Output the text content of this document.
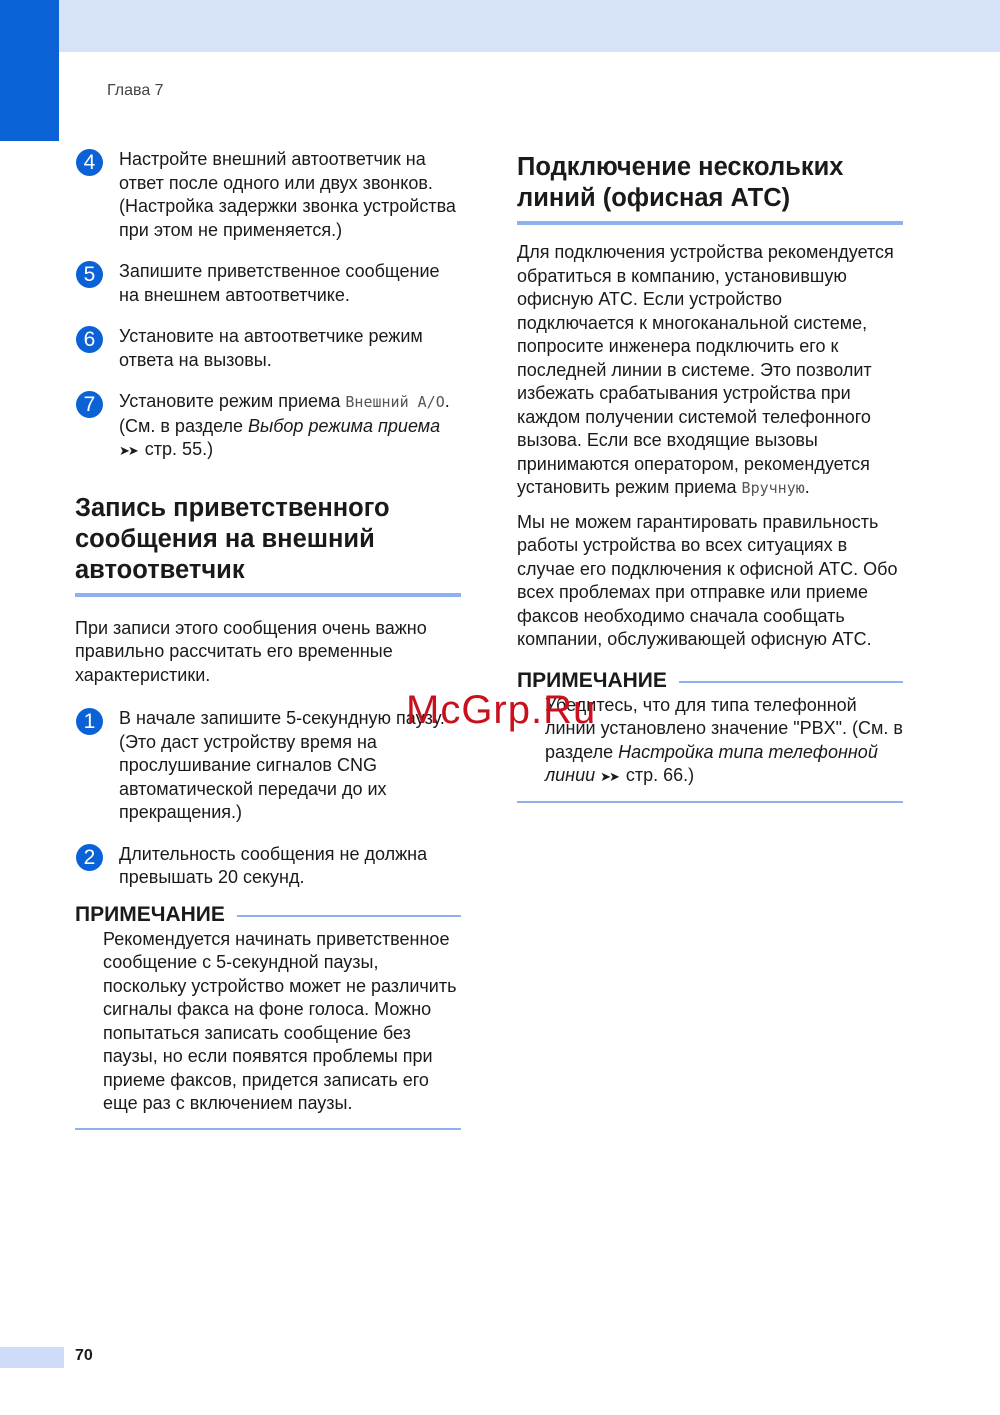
Глава 7
4	Настройте внешний автоответчик на ответ после одного или двух звонков. (Настройка задержки звонка устройства при этом не применяется.)
5	Запишите приветственное сообщение на внешнем автоответчике.
6	Установите на автоответчике режим ответа на вызовы.
7	Установите режим приема Внешний A/O. (См. в разделе Выбор режима приема ➤➤ стр. 55.)
Запись приветственного сообщения на внешний автоответчик
При записи этого сообщения очень важно правильно рассчитать его временные характеристики.
1	В начале запишите 5-секундную паузу. (Это даст устройству время на прослушивание сигналов CNG автоматической передачи до их прекращения.)
2	Длительность сообщения не должна превышать 20 секунд.
ПРИМЕЧАНИЕ
Рекомендуется начинать приветственное сообщение с 5-секундной паузы, поскольку устройство может не различить сигналы факса на фоне голоса. Можно попытаться записать сообщение без паузы, но если появятся проблемы при приеме факсов, придется записать его еще раз с включением паузы.
Подключение нескольких линий (офисная АТС)
Для подключения устройства рекомендуется обратиться в компанию, установившую офисную АТС. Если устройство подключается к многоканальной системе, попросите инженера подключить его к последней линии в системе. Это позволит избежать срабатывания устройства при каждом получении системой телефонного вызова. Если все входящие вызовы принимаются оператором, рекомендуется установить режим приема Вручную.
Мы не можем гарантировать правильность работы устройства во всех ситуациях в случае его подключения к офисной АТС. Обо всех проблемах при отправке или приеме факсов необходимо сначала сообщать компании, обслуживающей офисную АТС.
ПРИМЕЧАНИЕ
Убедитесь, что для типа телефонной линии установлено значение "PBX". (См. в разделе Настройка типа телефонной линии ➤➤ стр. 66.)
McGrp.Ru
70
